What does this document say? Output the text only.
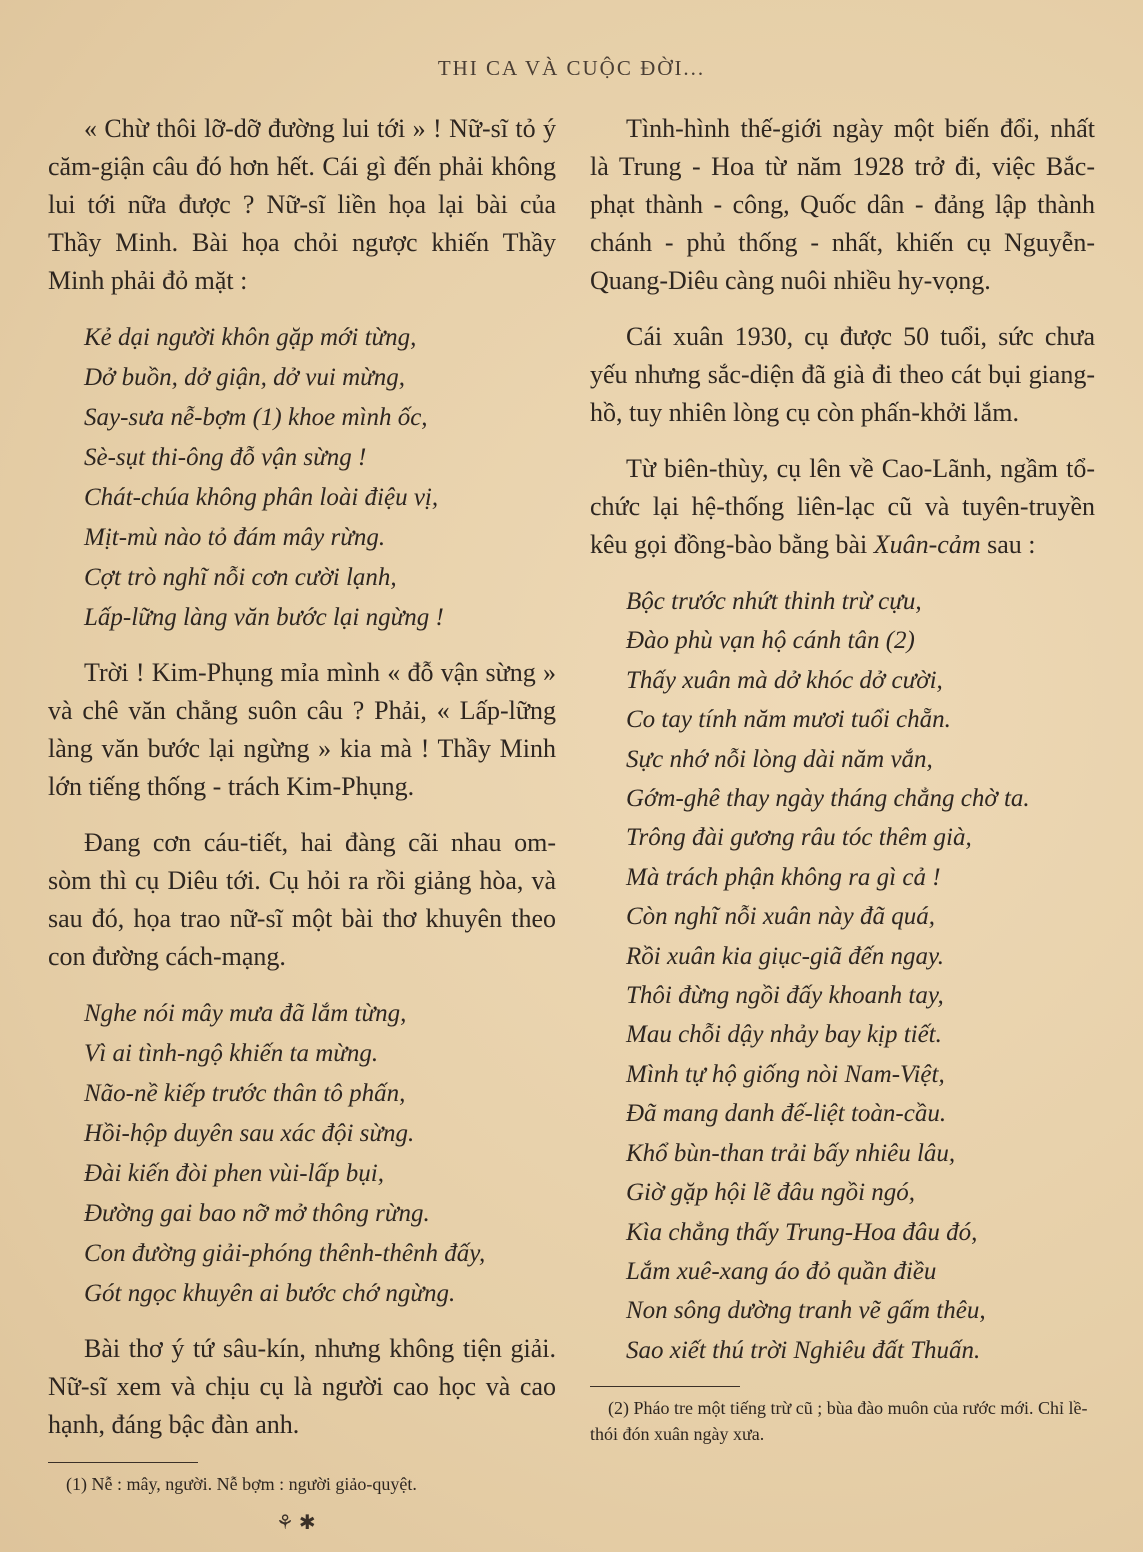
THI CA VÀ CUỘC ĐỜI...

« Chừ thôi lỡ-dỡ đường lui tới » ! Nữ-sĩ tỏ ý căm-giận câu đó hơn hết. Cái gì đến phải không lui tới nữa được ? Nữ-sĩ liền họa lại bài của Thầy Minh. Bài họa chỏi ngược khiến Thầy Minh phải đỏ mặt :

Kẻ dại người khôn gặp mới từng,
Dở buồn, dở giận, dở vui mừng,
Say-sưa nễ-bợm (1) khoe mình ốc,
Sè-sụt thi-ông đỗ vận sừng !
Chát-chúa không phân loài điệu vị,
Mịt-mù nào tỏ đám mây rừng.
Cợt trò nghĩ nỗi cơn cười lạnh,
Lấp-lững làng văn bước lại ngừng !

Trời ! Kim-Phụng mỉa mình « đỗ vận sừng » và chê văn chẳng suôn câu ? Phải, « Lấp-lững làng văn bước lại ngừng » kia mà ! Thầy Minh lớn tiếng thống - trách Kim-Phụng.

Đang cơn cáu-tiết, hai đàng cãi nhau om-sòm thì cụ Diêu tới. Cụ hỏi ra rồi giảng hòa, và sau đó, họa trao nữ-sĩ một bài thơ khuyên theo con đường cách-mạng.

Nghe nói mây mưa đã lắm từng,
Vì ai tình-ngộ khiến ta mừng.
Não-nề kiếp trước thân tô phấn,
Hồi-hộp duyên sau xác đội sừng.
Đài kiến đòi phen vùi-lấp bụi,
Đường gai bao nỡ mở thông rừng.
Con đường giải-phóng thênh-thênh đấy,
Gót ngọc khuyên ai bước chớ ngừng.

Bài thơ ý tứ sâu-kín, nhưng không tiện giải. Nữ-sĩ xem và chịu cụ là người cao học và cao hạnh, đáng bậc đàn anh.

(1) Nễ : mây, người. Nễ bợm : người giảo-quyệt.
⚘ ✱

Tình-hình thế-giới ngày một biến đổi, nhất là Trung - Hoa từ năm 1928 trở đi, việc Bắc-phạt thành - công, Quốc dân - đảng lập thành chánh - phủ thống - nhất, khiến cụ Nguyễn-Quang-Diêu càng nuôi nhiều hy-vọng.

Cái xuân 1930, cụ được 50 tuổi, sức chưa yếu nhưng sắc-diện đã già đi theo cát bụi giang-hồ, tuy nhiên lòng cụ còn phấn-khởi lắm.

Từ biên-thùy, cụ lên về Cao-Lãnh, ngầm tổ-chức lại hệ-thống liên-lạc cũ và tuyên-truyền kêu gọi đồng-bào bằng bài Xuân-cảm sau :

Bộc trước nhứt thinh trừ cựu,
Đào phù vạn hộ cánh tân (2)
Thấy xuân mà dở khóc dở cười,
Co tay tính năm mươi tuổi chẵn.
Sực nhớ nỗi lòng dài năm vắn,
Gớm-ghê thay ngày tháng chẳng chờ ta.
Trông đài gương râu tóc thêm già,
Mà trách phận không ra gì cả !
Còn nghĩ nỗi xuân này đã quá,
Rồi xuân kia giục-giã đến ngay.
Thôi đừng ngồi đấy khoanh tay,
Mau chỗi dậy nhảy bay kịp tiết.
Mình tự hộ giống nòi Nam-Việt,
Đã mang danh đế-liệt toàn-cầu.
Khổ bùn-than trải bấy nhiêu lâu,
Giờ gặp hội lẽ đâu ngồi ngó,
Kìa chẳng thấy Trung-Hoa đâu đó,
Lắm xuê-xang áo đỏ quần điều
Non sông dường tranh vẽ gấm thêu,
Sao xiết thú trời Nghiêu đất Thuấn.
(2) Pháo tre một tiếng trừ cũ ; bùa đào muôn của rước mới. Chỉ lề-thói đón xuân ngày xưa.
